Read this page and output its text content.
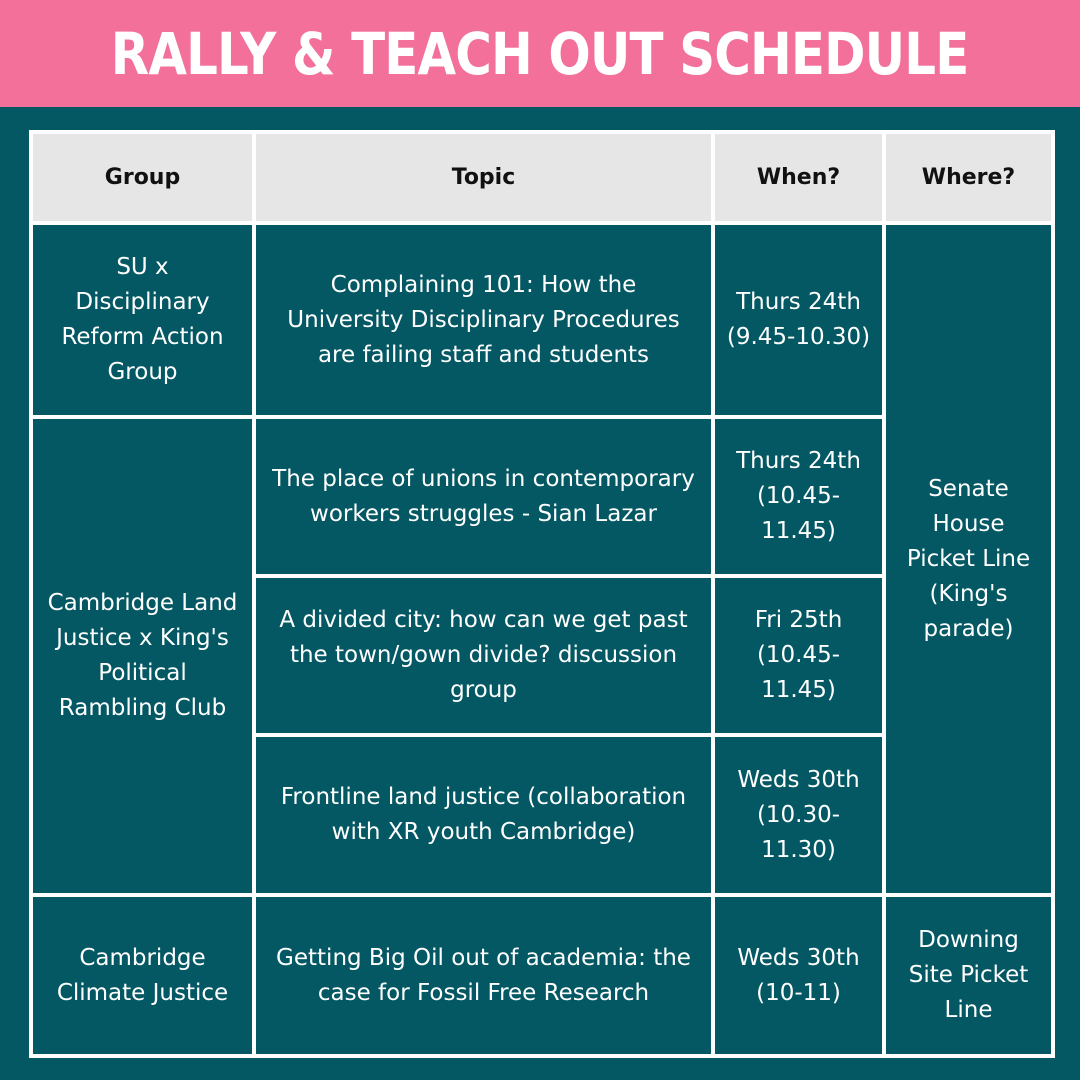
RALLY & TEACH OUT SCHEDULE
Group	Topic	When?	Where?
SU x Disciplinary Reform Action Group	Complaining 101: How the University Disciplinary Procedures are failing staff and students	Thurs 24th (9.45-10.30)	Senate House Picket Line (King's parade)
Cambridge Land Justice x King's Political Rambling Club	The place of unions in contemporary workers struggles - Sian Lazar	Thurs 24th (10.45-11.45)	
	A divided city: how can we get past the town/gown divide? discussion group	Fri 25th (10.45-11.45)	
	Frontline land justice (collaboration with XR youth Cambridge)	Weds 30th (10.30-11.30)	
Cambridge Climate Justice	Getting Big Oil out of academia: the case for Fossil Free Research	Weds 30th (10-11)	Downing Site Picket Line
